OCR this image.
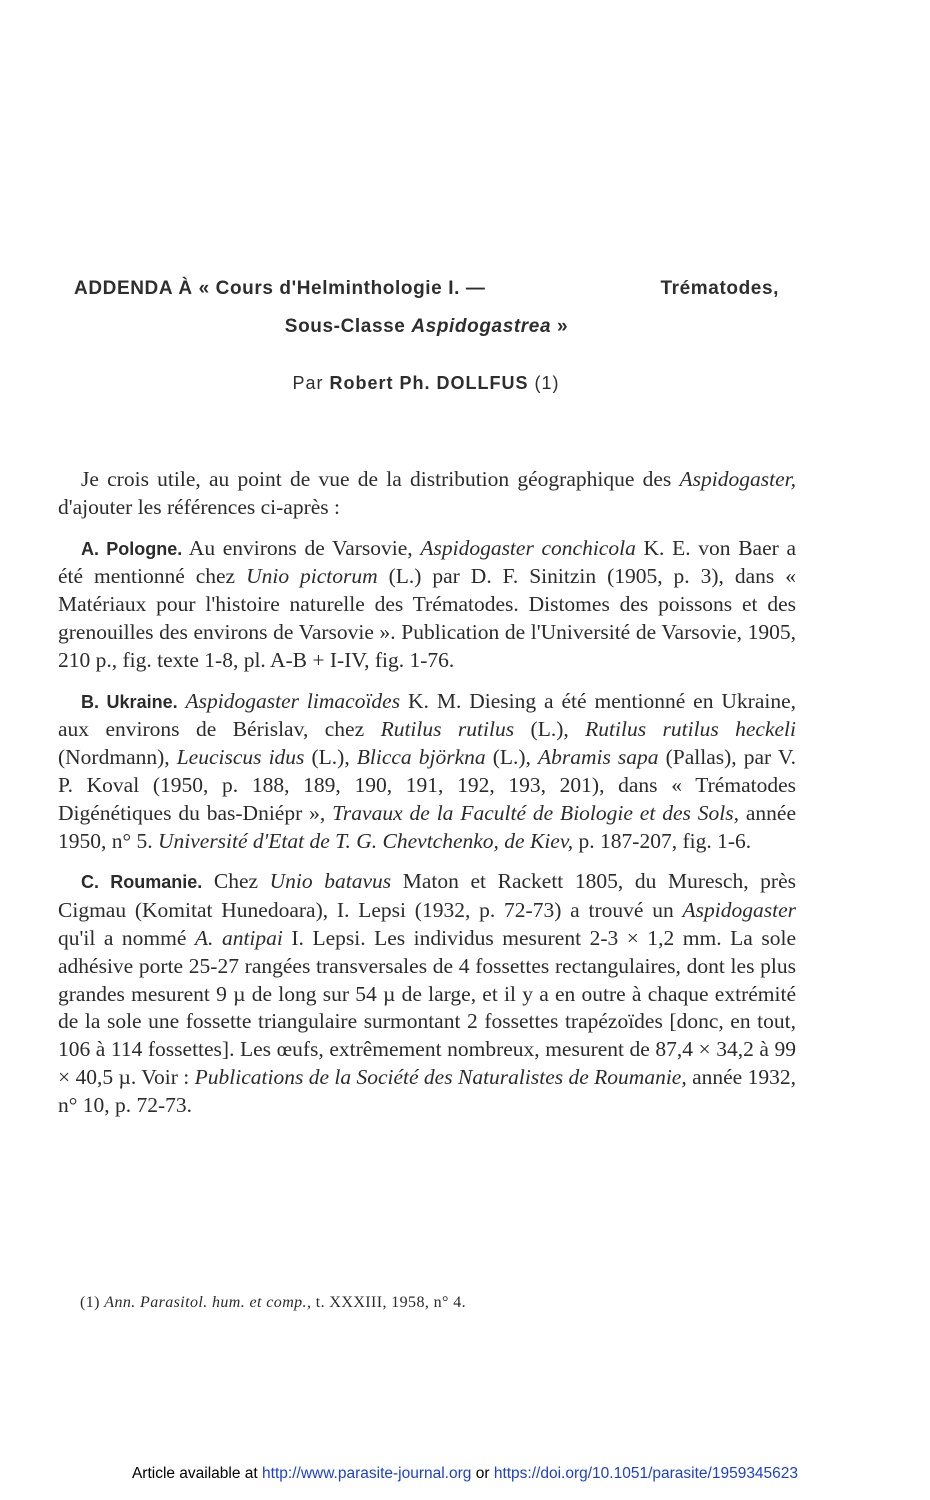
ADDENDA À « Cours d'Helminthologie I. —	Trématodes,
Sous-Classe Aspidogastrea »
Par Robert Ph. DOLLFUS (1)

Je crois utile, au point de vue de la distribution géographique des Aspidogaster, d'ajouter les références ci-après :

A. Pologne. Au environs de Varsovie, Aspidogaster conchicola K. E. von Baer a été mentionné chez Unio pictorum (L.) par D. F. Sinitzin (1905, p. 3), dans « Matériaux pour l'histoire naturelle des Trématodes. Distomes des poissons et des grenouilles des environs de Varsovie ». Publication de l'Université de Varsovie, 1905, 210 p., fig. texte 1-8, pl. A-B + I-IV, fig. 1-76.

B. Ukraine. Aspidogaster limacoïdes K. M. Diesing a été mentionné en Ukraine, aux environs de Bérislav, chez Rutilus rutilus (L.), Rutilus rutilus heckeli (Nordmann), Leuciscus idus (L.), Blicca björkna (L.), Abramis sapa (Pallas), par V. P. Koval (1950, p. 188, 189, 190, 191, 192, 193, 201), dans « Trématodes Digénétiques du bas-Dniépr », Travaux de la Faculté de Biologie et des Sols, année 1950, n° 5. Université d'Etat de T. G. Chevtchenko, de Kiev, p. 187-207, fig. 1-6.

C. Roumanie. Chez Unio batavus Maton et Rackett 1805, du Muresch, près Cigmau (Komitat Hunedoara), I. Lepsi (1932, p. 72-73) a trouvé un Aspidogaster qu'il a nommé A. antipai I. Lepsi. Les individus mesurent 2-3 × 1,2 mm. La sole adhésive porte 25-27 rangées transversales de 4 fossettes rectangulaires, dont les plus grandes mesurent 9 µ de long sur 54 µ de large, et il y a en outre à chaque extrémité de la sole une fossette triangulaire surmontant 2 fossettes trapézoïdes [donc, en tout, 106 à 114 fossettes]. Les œufs, extrêmement nombreux, mesurent de 87,4 × 34,2 à 99 × 40,5 µ. Voir : Publications de la Société des Naturalistes de Roumanie, année 1932, n° 10, p. 72-73.

(1) Ann. Parasitol. hum. et comp., t. XXXIII, 1958, n° 4.
Article available at http://www.parasite-journal.org or https://doi.org/10.1051/parasite/1959345623
